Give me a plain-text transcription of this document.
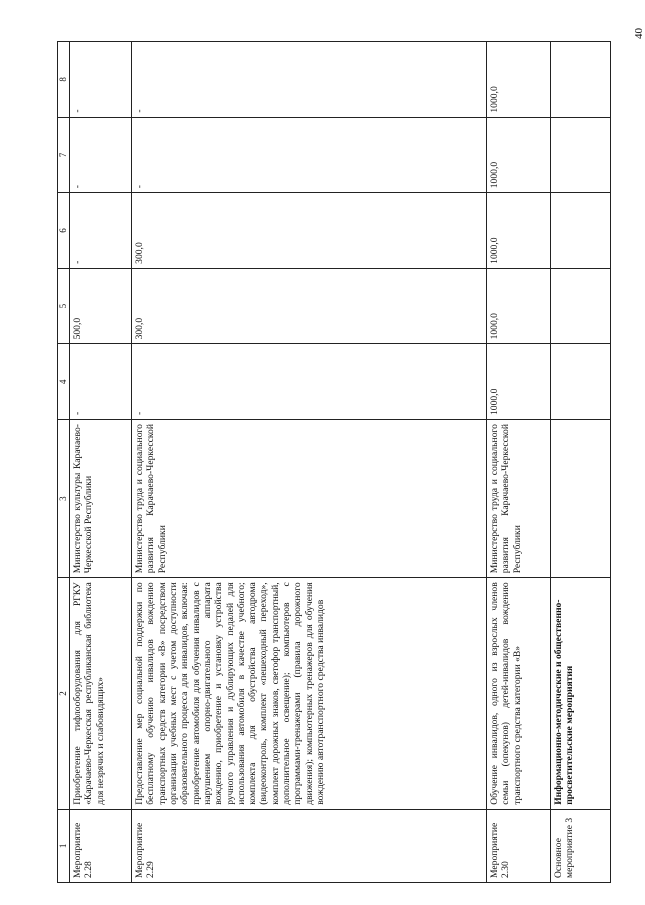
40
1	2	3	4	5	6	7	8
Мероприятие 2.28	Приобретение тифлооборудования для РГКУ «Карачаево-Черкесская республиканская библиотека для незрячих и слабовидящих»	Министерство культуры Карачаево-Черкесской Республики	-	500,0	-	-	-
Мероприятие 2.29	Предоставление мер социальной поддержки по бесплатному обучению инвалидов вождению транспортных средств категории «В» посредством организации учебных мест с учетом доступности образовательного процесса для инвалидов, включая: приобретение автомобиля для обучения инвалидов с нарушением опорно-двигательного аппарата вождению, приобретение и установку устройства ручного управления и дублирующих педалей для использования автомобиля в качестве учебного; комплекта для обустройства автодрома (видеоконтроль, комплект «пешеходный переход», комплект дорожных знаков, светофор транспортный, дополнительное освещение); компьютеров с программами-тренажерами (правила дорожного движения); компьютерных тренажеров для обучения вождению автотранспортного средства инвалидов	Министерство труда и социального развития Карачаево-Черкесской Республики	-	300,0	300,0	-	-
Мероприятие 2.30	Обучение инвалидов, одного из взрослых членов семьи (опекунов) детей-инвалидов вождению транспортного средства категории «В»	Министерство труда и социального развития Карачаево-Черкесской Республики	1000,0	1000,0	1000,0	1000,0	1000,0
Основное мероприятие 3	Информационно-методические и общественно-просветительские мероприятия						
